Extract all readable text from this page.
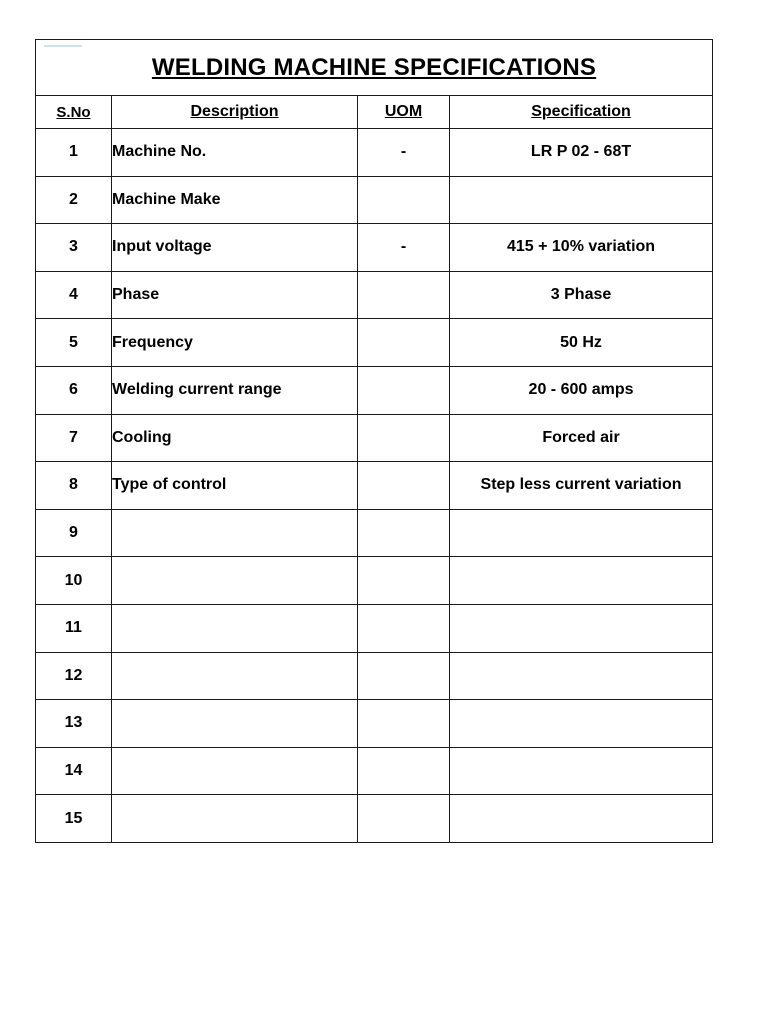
WELDING MACHINE SPECIFICATIONS			
S.No	Description	UOM	Specification
1	Machine No.	-	LR P 02 - 68T
2	Machine Make		
3	Input voltage	-	415 + 10% variation
4	Phase		3 Phase
5	Frequency		50 Hz
6	Welding current range		20 - 600 amps
7	Cooling		Forced air
8	Type of control		Step less current variation
9			
10			
11			
12			
13			
14			
15			
